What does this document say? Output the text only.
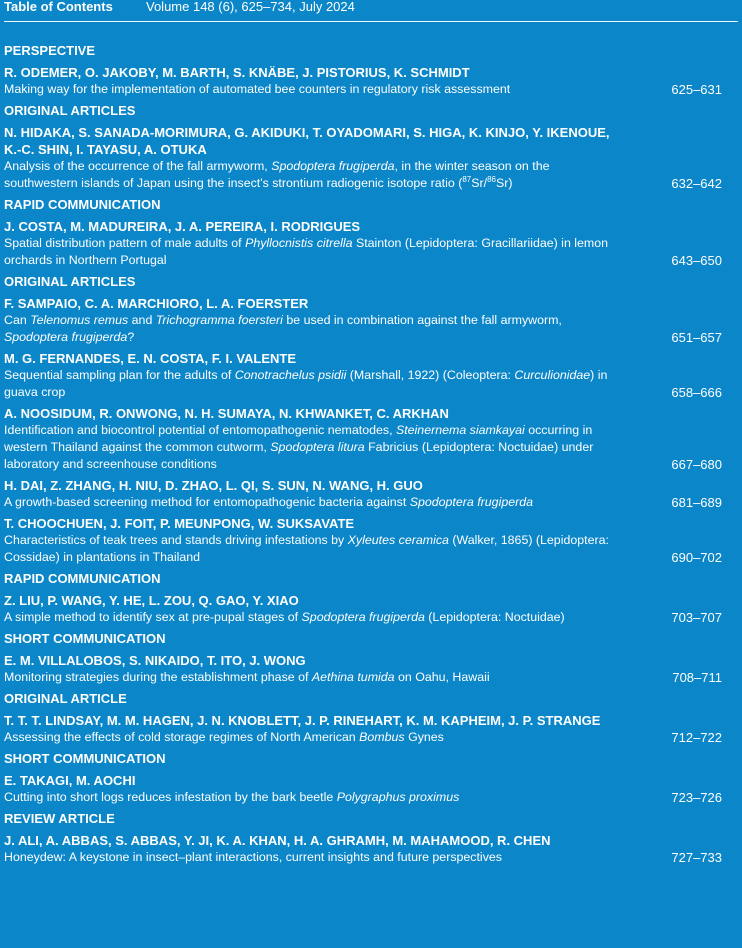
Table of Contents	Volume 148 (6), 625–734, July 2024
PERSPECTIVE
R. ODEMER, O. JAKOBY, M. BARTH, S. KNÄBE, J. PISTORIUS, K. SCHMIDT
Making way for the implementation of automated bee counters in regulatory risk assessment	625–631
ORIGINAL ARTICLES
N. HIDAKA, S. SANADA-MORIMURA, G. AKIDUKI, T. OYADOMARI, S. HIGA, K. KINJO, Y. IKENOUE, K.-C. SHIN, I. TAYASU, A. OTUKA
Analysis of the occurrence of the fall armyworm, Spodoptera frugiperda, in the winter season on the southwestern islands of Japan using the insect's strontium radiogenic isotope ratio ($^{87}$Sr/$^{86}$Sr)	632–642
RAPID COMMUNICATION
J. COSTA, M. MADUREIRA, J. A. PEREIRA, I. RODRIGUES
Spatial distribution pattern of male adults of Phyllocnistis citrella Stainton (Lepidoptera: Gracillariidae) in lemon orchards in Northern Portugal	643–650
ORIGINAL ARTICLES
F. SAMPAIO, C. A. MARCHIORO, L. A. FOERSTER
Can Telenomus remus and Trichogramma foersteri be used in combination against the fall armyworm, Spodoptera frugiperda?	651–657
M. G. FERNANDES, E. N. COSTA, F. I. VALENTE
Sequential sampling plan for the adults of Conotrachelus psidii (Marshall, 1922) (Coleoptera: Curculionidae) in guava crop	658–666
A. NOOSIDUM, R. ONWONG, N. H. SUMAYA, N. KHWANKET, C. ARKHAN
Identification and biocontrol potential of entomopathogenic nematodes, Steinernema siamkayai occurring in western Thailand against the common cutworm, Spodoptera litura Fabricius (Lepidoptera: Noctuidae) under laboratory and screenhouse conditions	667–680
H. DAI, Z. ZHANG, H. NIU, D. ZHAO, L. QI, S. SUN, N. WANG, H. GUO
A growth-based screening method for entomopathogenic bacteria against Spodoptera frugiperda	681–689
T. CHOOCHUEN, J. FOIT, P. MEUNPONG, W. SUKSAVATE
Characteristics of teak trees and stands driving infestations by Xyleutes ceramica (Walker, 1865) (Lepidoptera: Cossidae) in plantations in Thailand	690–702
RAPID COMMUNICATION
Z. LIU, P. WANG, Y. HE, L. ZOU, Q. GAO, Y. XIAO
A simple method to identify sex at pre-pupal stages of Spodoptera frugiperda (Lepidoptera: Noctuidae)	703–707
SHORT COMMUNICATION
E. M. VILLALOBOS, S. NIKAIDO, T. ITO, J. WONG
Monitoring strategies during the establishment phase of Aethina tumida on Oahu, Hawaii	708–711
ORIGINAL ARTICLE
T. T. T. LINDSAY, M. M. HAGEN, J. N. KNOBLETT, J. P. RINEHART, K. M. KAPHEIM, J. P. STRANGE
Assessing the effects of cold storage regimes of North American Bombus Gynes	712–722
SHORT COMMUNICATION
E. TAKAGI, M. AOCHI
Cutting into short logs reduces infestation by the bark beetle Polygraphus proximus	723–726
REVIEW ARTICLE
J. ALI, A. ABBAS, S. ABBAS, Y. JI, K. A. KHAN, H. A. GHRAMH, M. MAHAMOOD, R. CHEN
Honeydew: A keystone in insect–plant interactions, current insights and future perspectives	727–733
